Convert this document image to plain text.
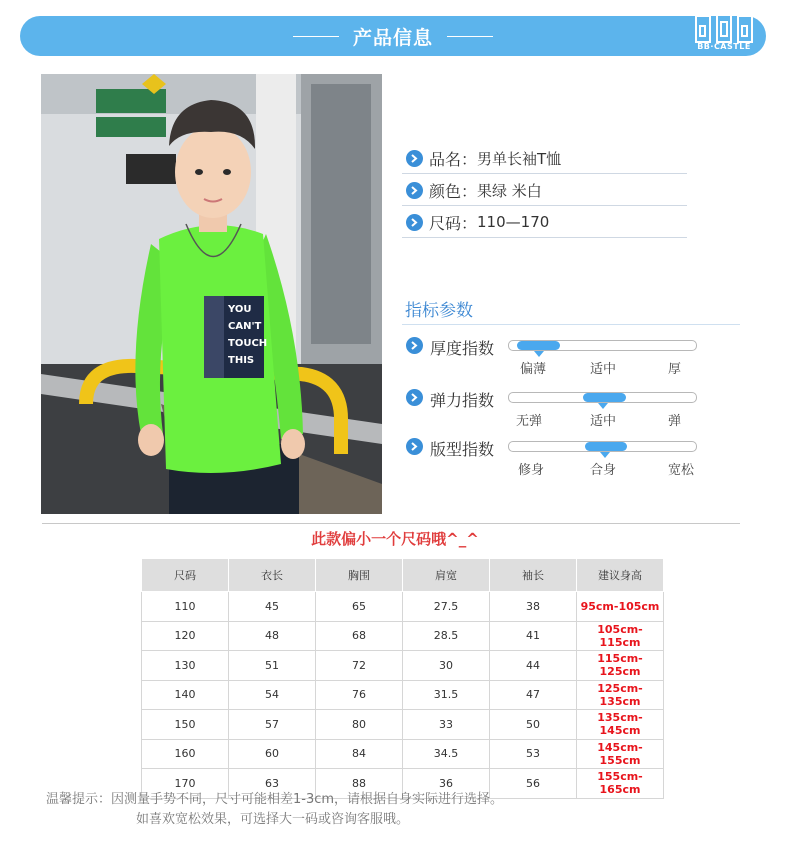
产品信息	BB·CASTLE
YOU
CAN'T
TOUCH
THIS
品名： 男单长袖T恤
颜色： 果绿 米白
尺码： 110—170
指标参数
厚度指数
偏薄	适中	厚
弹力指数
无弹	适中	弹
版型指数
修身	合身	宽松
此款偏小一个尺码哦^_^
尺码	衣长	胸围	肩宽	袖长	建议身高
110	45	65	27.5	38	95cm-105cm
120	48	68	28.5	41	105cm-115cm
130	51	72	30	44	115cm-125cm
140	54	76	31.5	47	125cm-135cm
150	57	80	33	50	135cm-145cm
160	60	84	34.5	53	145cm-155cm
170	63	88	36	56	155cm-165cm
温馨提示：因测量手势不同，尺寸可能相差1-3cm，请根据自身实际进行选择。
如喜欢宽松效果，可选择大一码或咨询客服哦。
